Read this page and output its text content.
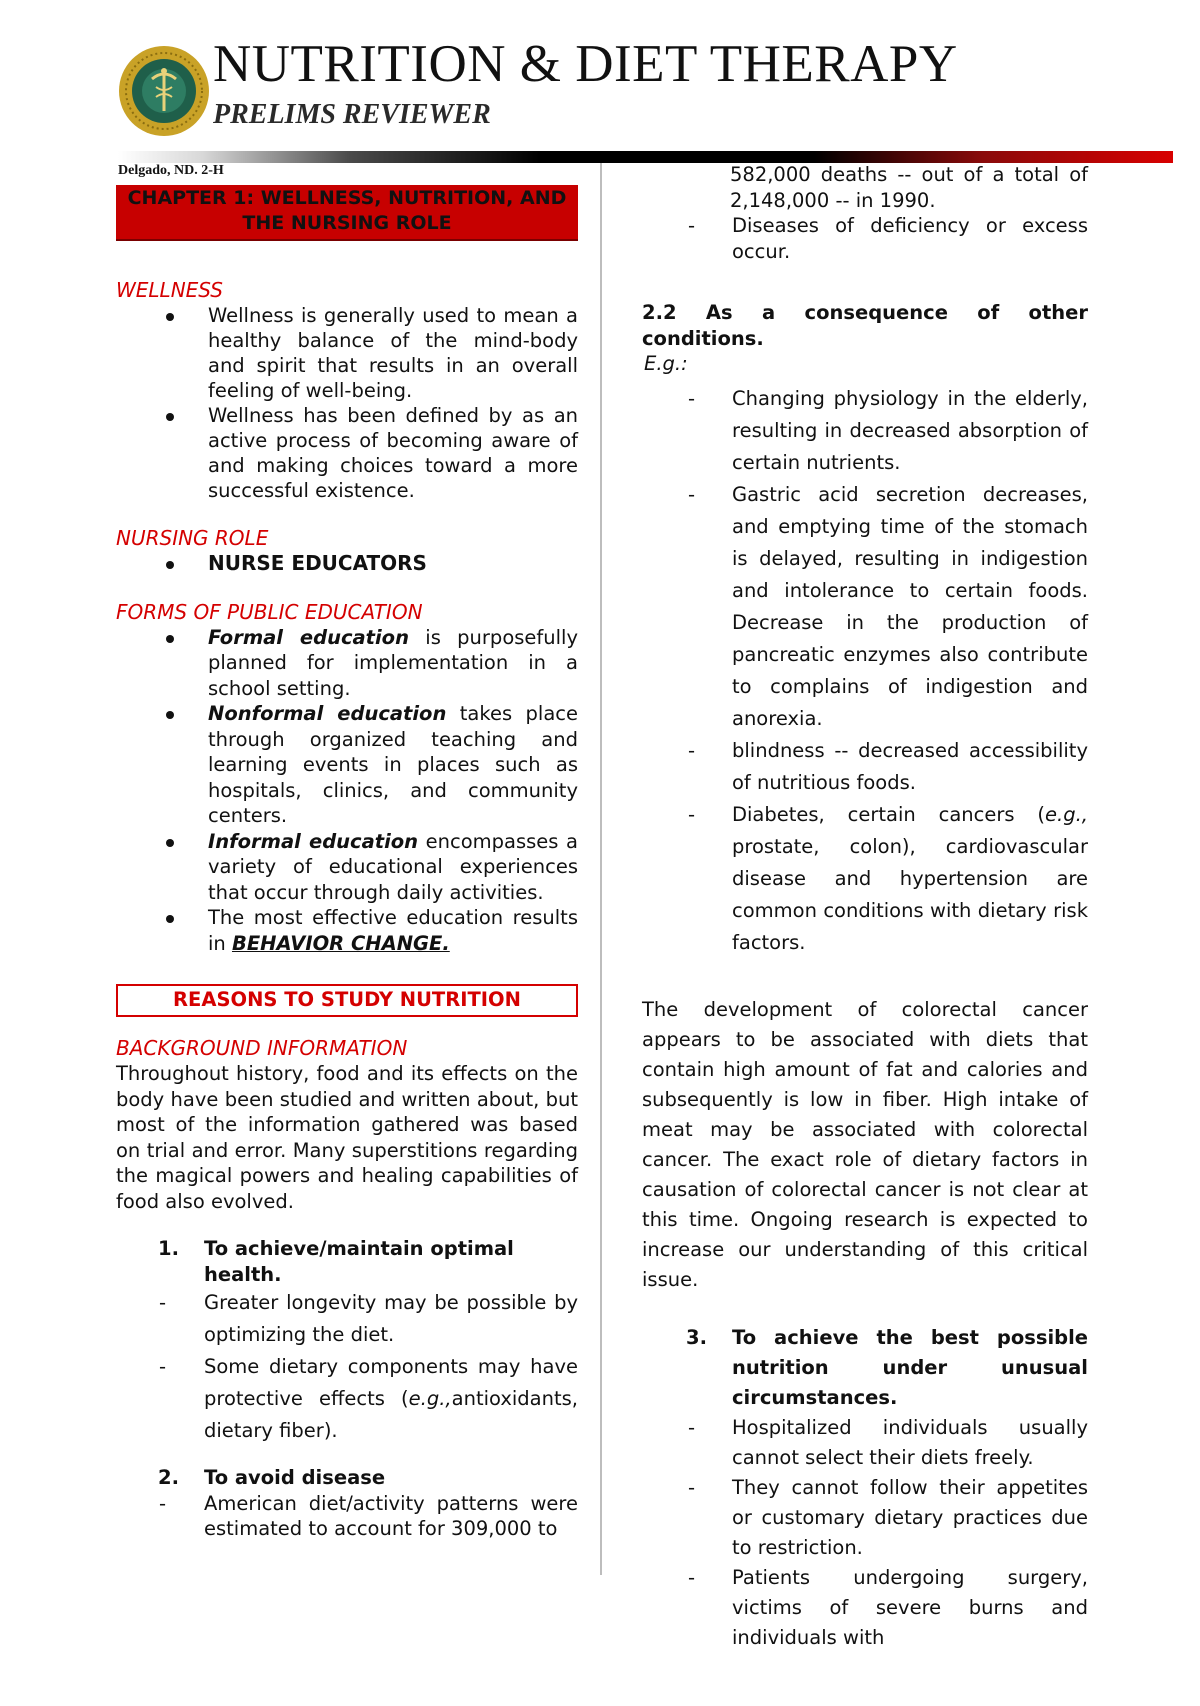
NUTRITION & DIET THERAPY
PRELIMS REVIEWER
Delgado, ND. 2-H
CHAPTER 1: WELLNESS, NUTRITION, AND THE NURSING ROLE

WELLNESS

Wellness is generally used to mean a healthy balance of the mind-body and spirit that results in an overall feeling of well-being.
Wellness has been defined by as an active process of becoming aware of and making choices toward a more successful existence.

NURSING ROLE

NURSE EDUCATORS

FORMS OF PUBLIC EDUCATION

Formal education is purposefully planned for implementation in a school setting.
Nonformal education takes place through organized teaching and learning events in places such as hospitals, clinics, and community centers.
Informal education encompasses a variety of educational experiences that occur through daily activities.
The most effective education results in BEHAVIOR CHANGE.
REASONS TO STUDY NUTRITION

BACKGROUND INFORMATION

Throughout history, food and its effects on the body have been studied and written about, but most of the information gathered was based on trial and error. Many superstitions regarding the magical powers and healing capabilities of food also evolved.

1. To achieve/maintain optimal health.
- Greater longevity may be possible by optimizing the diet.
- Some dietary components may have protective effects (e.g.,antioxidants, dietary fiber).
2. To avoid disease
- American diet/activity patterns were estimated to account for 309,000 to

582,000 deaths -- out of a total of 2,148,000 -- in 1990.

- Diseases of deficiency or excess occur.

2.2 As a consequence of other conditions.

E.g.:

- Changing physiology in the elderly, resulting in decreased absorption of certain nutrients.
- Gastric acid secretion decreases, and emptying time of the stomach is delayed, resulting in indigestion and intolerance to certain foods. Decrease in the production of pancreatic enzymes also contribute to complains of indigestion and anorexia.
- blindness -- decreased accessibility of nutritious foods.
- Diabetes, certain cancers (e.g., prostate, colon), cardiovascular disease and hypertension are common conditions with dietary risk factors.

The development of colorectal cancer appears to be associated with diets that contain high amount of fat and calories and subsequently is low in fiber. High intake of meat may be associated with colorectal cancer. The exact role of dietary factors in causation of colorectal cancer is not clear at this time. Ongoing research is expected to increase our understanding of this critical issue.

3. To achieve the best possible nutrition under unusual circumstances.
- Hospitalized individuals usually cannot select their diets freely.
- They cannot follow their appetites or customary dietary practices due to restriction.
- Patients undergoing surgery, victims of severe burns and individuals with
